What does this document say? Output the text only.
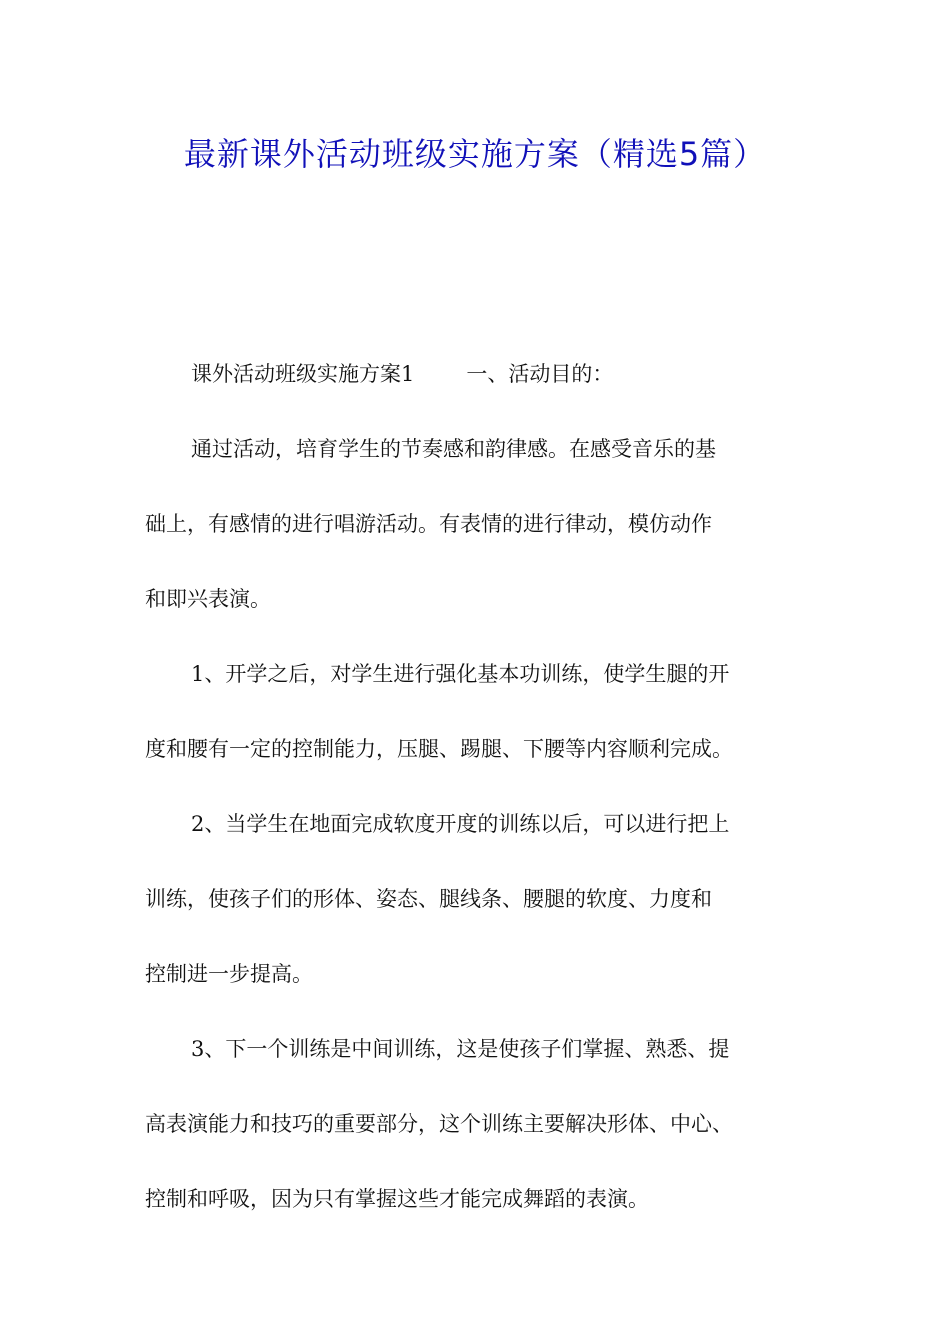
最新课外活动班级实施方案（精选5篇）

课外活动班级实施方案1 一、活动目的：

通过活动，培育学生的节奏感和韵律感。在感受音乐的基
础上，有感情的进行唱游活动。有表情的进行律动，模仿动作
和即兴表演。

1、开学之后，对学生进行强化基本功训练，使学生腿的开
度和腰有一定的控制能力，压腿、踢腿、下腰等内容顺利完成。

2、当学生在地面完成软度开度的训练以后，可以进行把上
训练，使孩子们的形体、姿态、腿线条、腰腿的软度、力度和
控制进一步提高。

3、下一个训练是中间训练，这是使孩子们掌握、熟悉、提
高表演能力和技巧的重要部分，这个训练主要解决形体、中心、
控制和呼吸，因为只有掌握这些才能完成舞蹈的表演。
